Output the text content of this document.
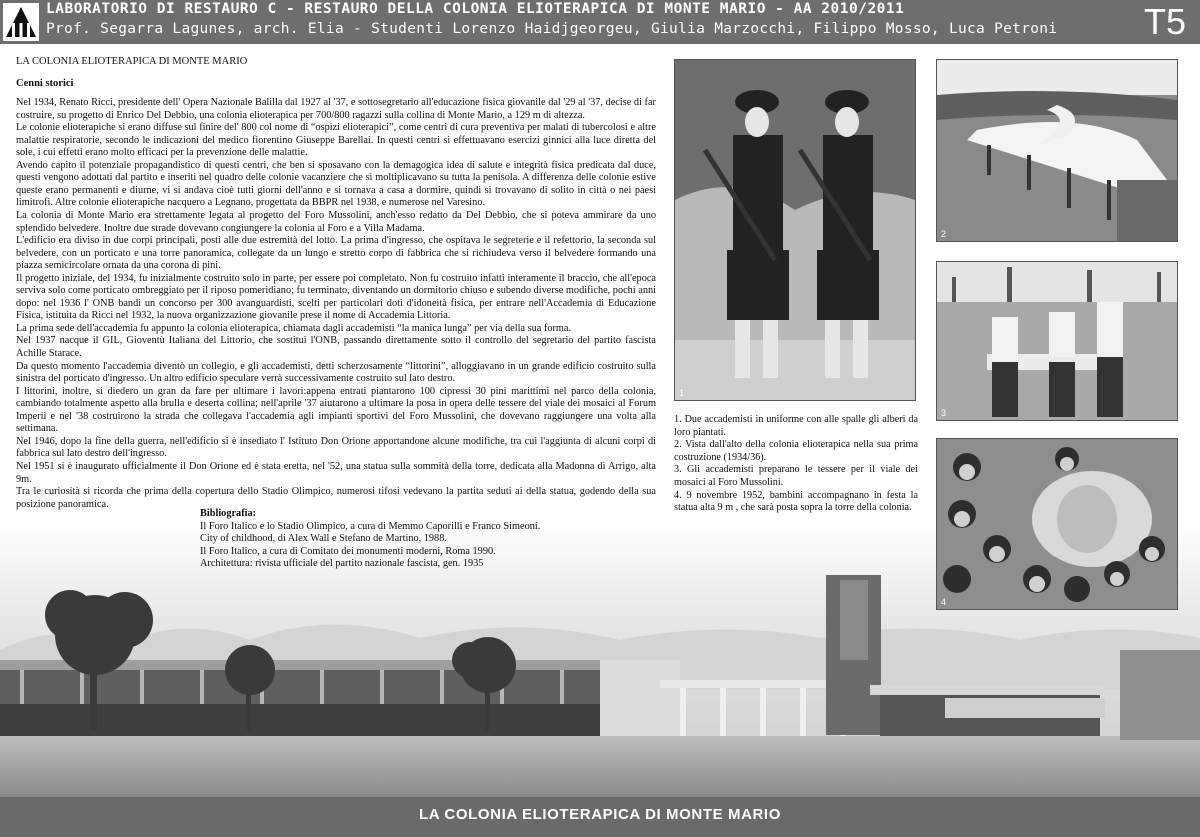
LABORATORIO DI RESTAURO C - RESTAURO DELLA COLONIA ELIOTERAPICA DI MONTE MARIO - AA 2010/2011
Prof. Segarra Lagunes, arch. Elia - Studenti Lorenzo Haidjgeorgeu, Giulia Marzocchi, Filippo Mosso, Luca Petroni T5
LA COLONIA ELIOTERAPICA DI MONTE MARIO
Cenni storici

Nel 1934, Renato Ricci, presidente dell' Opera Nazionale Balilla dal 1927 al '37, e sottosegretario all'educazione fisica giovanile dal '29 al '37, decise di far costruire, su progetto di Enrico Del Debbio, una colonia elioterapica per 700/800 ragazzi sulla collina di Monte Mario, a 129 m di altezza.

Le colonie elioterapiche si erano diffuse sul finire del' 800 col nome di “ospizi elioterapici”, come centri di cura preventiva per malati di tubercolosi e altre malattie respiratorie, secondo le indicazioni del medico fiorentino Giuseppe Barellai. In questi centri si effettuavano esercizi ginnici alla luce diretta del sole, i cui effetti erano molto efficaci per la prevenzione delle malattie.

Avendo capito il potenziale propagandistico di questi centri, che ben si sposavano con la demagogica idea di salute e integrità fisica predicata dal duce, questi vengono adottati dal partito e inseriti nel quadro delle colonie vacanziere che si moltiplicavano su tutta la penisola. A differenza delle colonie estive queste erano permanenti e diurne, vi si andava cioè tutti giorni dell'anno e si tornava a casa a dormire, quindi si trovavano di solito in città o nei paesi limitrofi. Altre colonie elioterapiche nacquero a Legnano, progettata da BBPR nel 1938, e numerose nel Varesino.

La colonia di Monte Mario era strettamente legata al progetto del Foro Mussolini, anch'esso redatto da Del Debbio, che si poteva ammirare da uno splendido belvedere. Inoltre due strade dovevano congiungere la colonia al Foro e a Villa Madama.

L'edificio era diviso in due corpi principali, posti alle due estremità del lotto. La prima d'ingresso, che ospitava le segreterie e il refettorio, la seconda sul belvedere, con un porticato e una torre panoramica, collegate da un lungo e stretto corpo di fabbrica che si richiudeva verso il belvedere formando una piazza semicircolare ornata da una corona di pini.

Il progetto iniziale, del 1934, fu inizialmente costruito solo in parte, per essere poi completato. Non fu costruito infatti interamente il braccio, che all'epoca serviva solo come porticato ombreggiato per il riposo pomeridiano; fu terminato, diventando un dormitorio chiuso e subendo diverse modifiche, pochi anni dopo: nel 1936 l' ONB bandì un concorso per 300 avanguardisti, scelti per particolari doti d'idoneità fisica, per entrare nell'Accademia di Educazione Fisica, istituita da Ricci nel 1932, la nuova organizzazione giovanile prese il nome di Accademia Littoria.

La prima sede dell'accademia fu appunto la colonia elioterapica, chiamata dagli accademisti “la manica lunga” per via della sua forma.

Nel 1937 nacque il GIL, Gioventù Italiana del Littorio, che sostituì l'ONB, passando direttamente sotto il controllo del segretario del partito fascista Achille Starace.

Da questo momento l'accademia diventò un collegio, e gli accademisti, detti scherzosamente “littorini”, alloggiavano in un grande edificio costruito sulla sinistra del porticato d'ingresso. Un altro edificio speculare verrà successivamente costruito sul lato destro.

I littorini, inoltre, si diedero un gran da fare per ultimare i lavori:appena entrati piantarono 100 cipressi 30 pini marittimi nel parco della colonia, cambiando totalmente aspetto alla brulla e deserta collina; nell'aprile '37 aiutarono a ultimare la posa in opera delle tessere del viale dei mosaici al Forum Imperii e nel '38 costruirono la strada che collegava l'accademia agli impianti sportivi del Foro Mussolini, che dovevano raggiungere una volta alla settimana.

Nel 1946, dopo la fine della guerra, nell'edificio si è insediato l' Istituto Don Orione apportandone alcune modifiche, tra cui l'aggiunta di alcuni corpi di fabbrica sul lato destro dell'ingresso.

Nel 1951 si è inaugurato ufficialmente il Don Orione ed è stata eretta, nel '52, una statua sulla sommità della torre, dedicata alla Madonna di Arrigo, alta 9m.

Tra le curiosità si ricorda che prima della copertura dello Stadio Olimpico, numerosi tifosi vedevano la partita seduti ai della statua, godendo della sua posizione panoramica.

Bibliografia:
Il Foro Italico e lo Stadio Olimpico, a cura di Memmo Caporilli e Franco Simeoni.
City of childhood, di Alex Wall e Stefano de Martino, 1988.
Il Foro Italico, a cura di Comitato dei monumenti moderni, Roma 1990.
Architettura: rivista ufficiale del partito nazionale fascista, gen. 1935
1
2
3
4
1. Due accademisti in uniforme con alle spalle gli alberi da loro piantati.
2. Vista dall'alto della colonia elioterapica nella sua prima costruzione (1934/36).
3. Gli accademisti preparano le tessere per il viale dei mosaici al Foro Mussolini.
4. 9 novembre 1952, bambini accompagnano in festa la statua alta 9 m , che sarà posta sopra la torre della colonia.
LA COLONIA ELIOTERAPICA DI MONTE MARIO
